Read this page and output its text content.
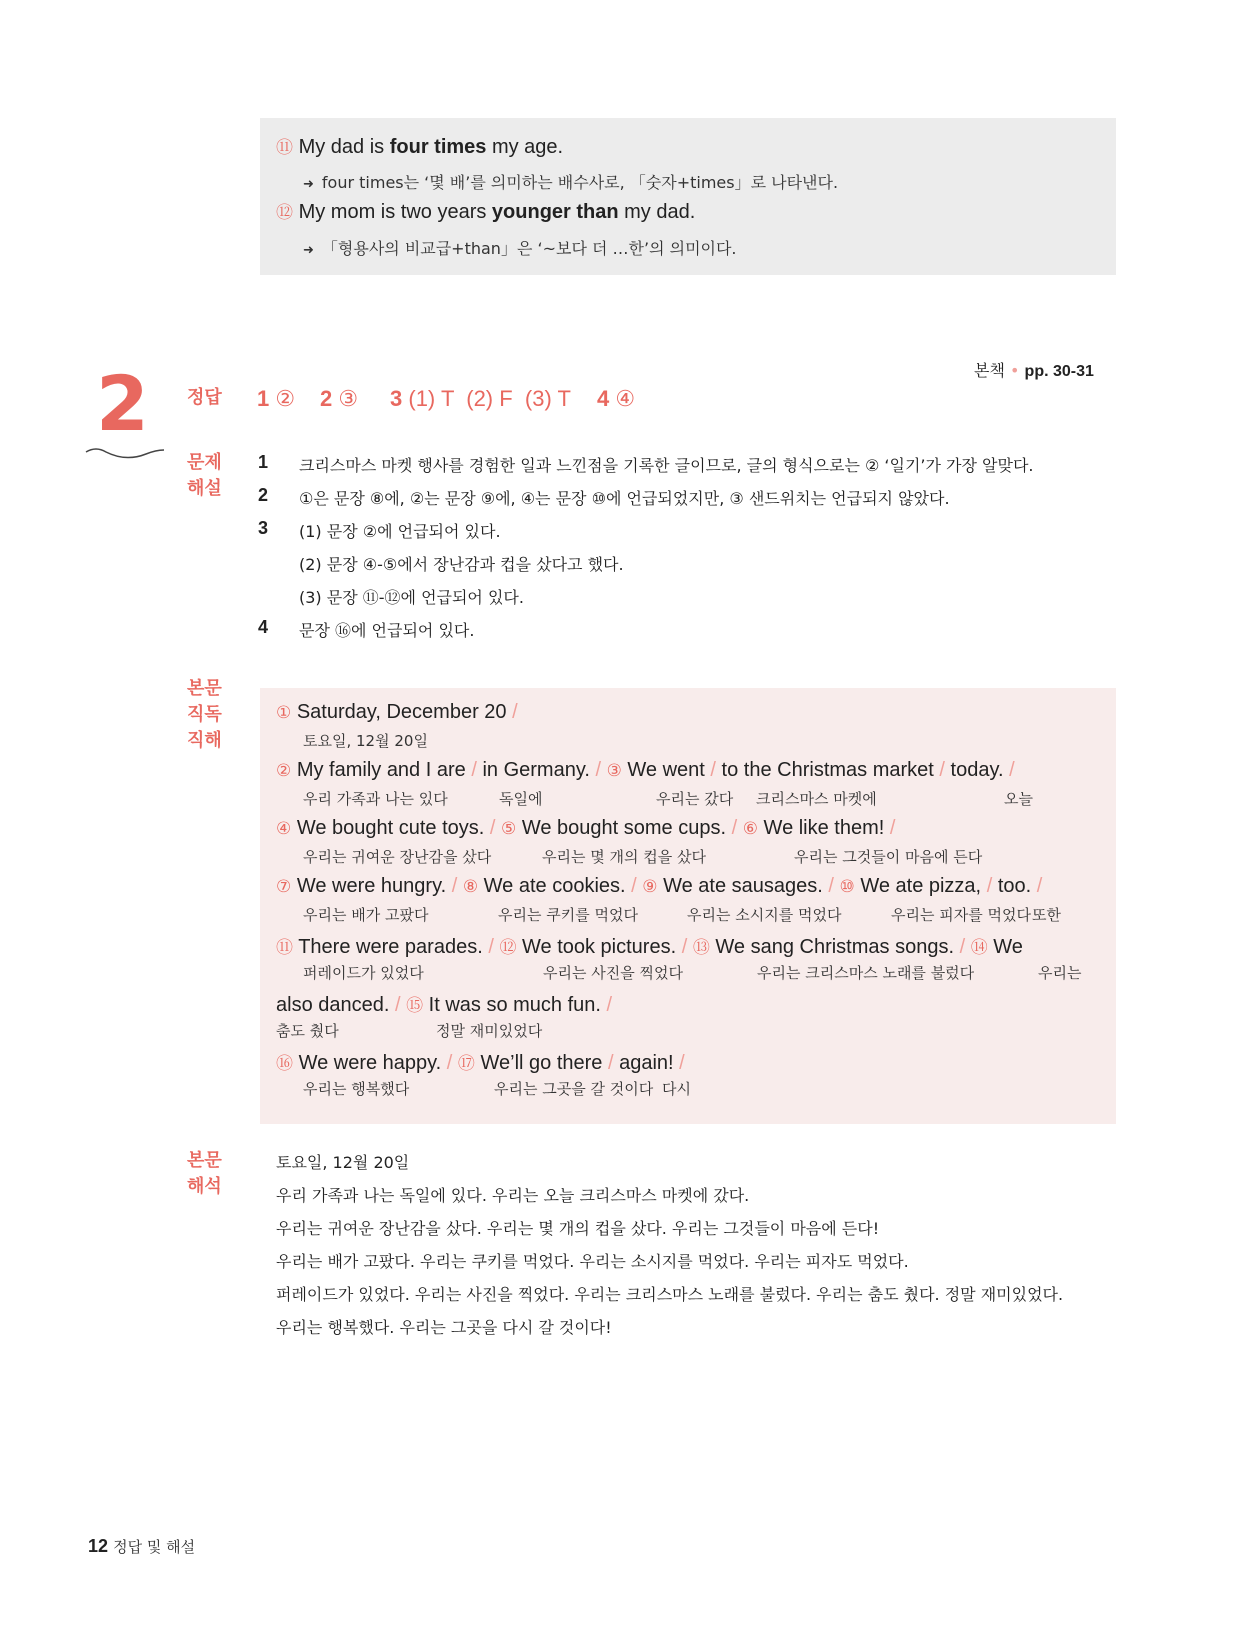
⑪ My dad is four times my age.
➜ four times는 ‘몇 배’를 의미하는 배수사로, 「숫자+times」로 나타낸다.
⑫ My mom is two years younger than my dad.
➜ 「형용사의 비교급+than」은 ‘~보다 더 …한’의 의미이다.
본책 • pp. 30-31
2 정답 1 ② 2 ③ 3 (1) T  (2) F  (3) T 4 ④
문제
해설
1 크리스마스 마켓 행사를 경험한 일과 느낀점을 기록한 글이므로, 글의 형식으로는 ② ‘일기’가 가장 알맞다.
2 ①은 문장 ⑧에, ②는 문장 ⑨에, ④는 문장 ⑩에 언급되었지만, ③ 샌드위치는 언급되지 않았다.
3 (1) 문장 ②에 언급되어 있다.
(2) 문장 ④-⑤에서 장난감과 컵을 샀다고 했다.
(3) 문장 ⑪-⑫에 언급되어 있다.
4 문장 ⑯에 언급되어 있다.
본문
직독
직해
① Saturday, December 20 /
토요일, 12월 20일
② My family and I are / in Germany. / ③ We went / to the Christmas market / today. /
우리 가족과 나는 있다	독일에	우리는 갔다 크리스마스 마켓에	오늘
④ We bought cute toys. / ⑤ We bought some cups. / ⑥ We like them! /
우리는 귀여운 장난감을 샀다	우리는 몇 개의 컵을 샀다	우리는 그것들이 마음에 든다
⑦ We were hungry. / ⑧ We ate cookies. / ⑨ We ate sausages. / ⑩ We ate pizza, / too. /
우리는 배가 고팠다	우리는 쿠키를 먹었다	우리는 소시지를 먹었다	우리는 피자를 먹었다 또한
⑪ There were parades. / ⑫ We took pictures. / ⑬ We sang Christmas songs. / ⑭ We
퍼레이드가 있었다	우리는 사진을 찍었다	우리는 크리스마스 노래를 불렀다	우리는
also danced. / ⑮ It was so much fun. /
춤도 췄다	정말 재미있었다
⑯ We were happy. / ⑰ We’ll go there / again! /
우리는 행복했다	우리는 그곳을 갈 것이다 다시
본문
해석
토요일, 12월 20일
우리 가족과 나는 독일에 있다. 우리는 오늘 크리스마스 마켓에 갔다.
우리는 귀여운 장난감을 샀다. 우리는 몇 개의 컵을 샀다. 우리는 그것들이 마음에 든다!
우리는 배가 고팠다. 우리는 쿠키를 먹었다. 우리는 소시지를 먹었다. 우리는 피자도 먹었다.
퍼레이드가 있었다. 우리는 사진을 찍었다. 우리는 크리스마스 노래를 불렀다. 우리는 춤도 췄다. 정말 재미있었다.
우리는 행복했다. 우리는 그곳을 다시 갈 것이다!
12 정답 및 해설
